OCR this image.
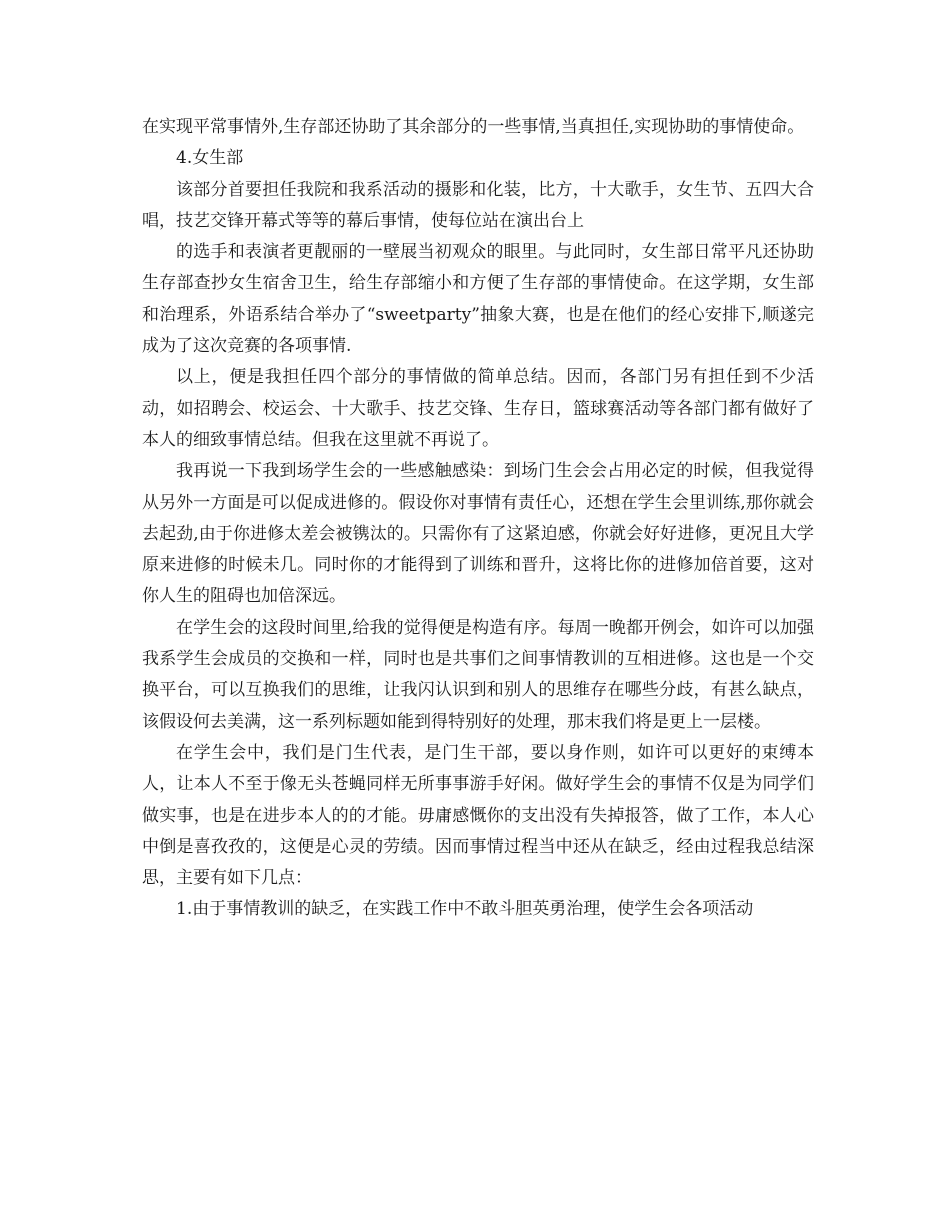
在实现平常事情外,生存部还协助了其余部分的一些事情,当真担任,实现协助的事情使命。

4.女生部

该部分首要担任我院和我系活动的摄影和化装，比方，十大歌手，女生节、五四大合唱，技艺交锋开幕式等等的幕后事情，使每位站在演出台上

的选手和表演者更靓丽的一壁展当初观众的眼里。与此同时，女生部日常平凡还协助生存部查抄女生宿舍卫生，给生存部缩小和方便了生存部的事情使命。在这学期，女生部和治理系，外语系结合举办了“sweetparty”抽象大赛，也是在他们的经心安排下,顺遂完成为了这次竞赛的各项事情.

以上，便是我担任四个部分的事情做的简单总结。因而，各部门另有担任到不少活动，如招聘会、校运会、十大歌手、技艺交锋、生存日，篮球赛活动等各部门都有做好了本人的细致事情总结。但我在这里就不再说了。

我再说一下我到场学生会的一些感触感染：到场门生会会占用必定的时候，但我觉得从另外一方面是可以促成进修的。假设你对事情有责任心，还想在学生会里训练,那你就会去起劲,由于你进修太差会被镌汰的。只需你有了这紧迫感，你就会好好进修，更况且大学原来进修的时候未几。同时你的才能得到了训练和晋升，这将比你的进修加倍首要，这对你人生的阻碍也加倍深远。

在学生会的这段时间里,给我的觉得便是构造有序。每周一晚都开例会，如许可以加强我系学生会成员的交换和一样，同时也是共事们之间事情教训的互相进修。这也是一个交换平台，可以互换我们的思维，让我闪认识到和别人的思维存在哪些分歧，有甚么缺点，该假设何去美满，这一系列标题如能到得特别好的处理，那末我们将是更上一层楼。

在学生会中，我们是门生代表，是门生干部，要以身作则，如许可以更好的束缚本人，让本人不至于像无头苍蝇同样无所事事游手好闲。做好学生会的事情不仅是为同学们做实事，也是在进步本人的的才能。毋庸感慨你的支出没有失掉报答，做了工作，本人心中倒是喜孜孜的，这便是心灵的劳绩。因而事情过程当中还从在缺乏，经由过程我总结深思，主要有如下几点：

1.由于事情教训的缺乏，在实践工作中不敢斗胆英勇治理，使学生会各项活动
